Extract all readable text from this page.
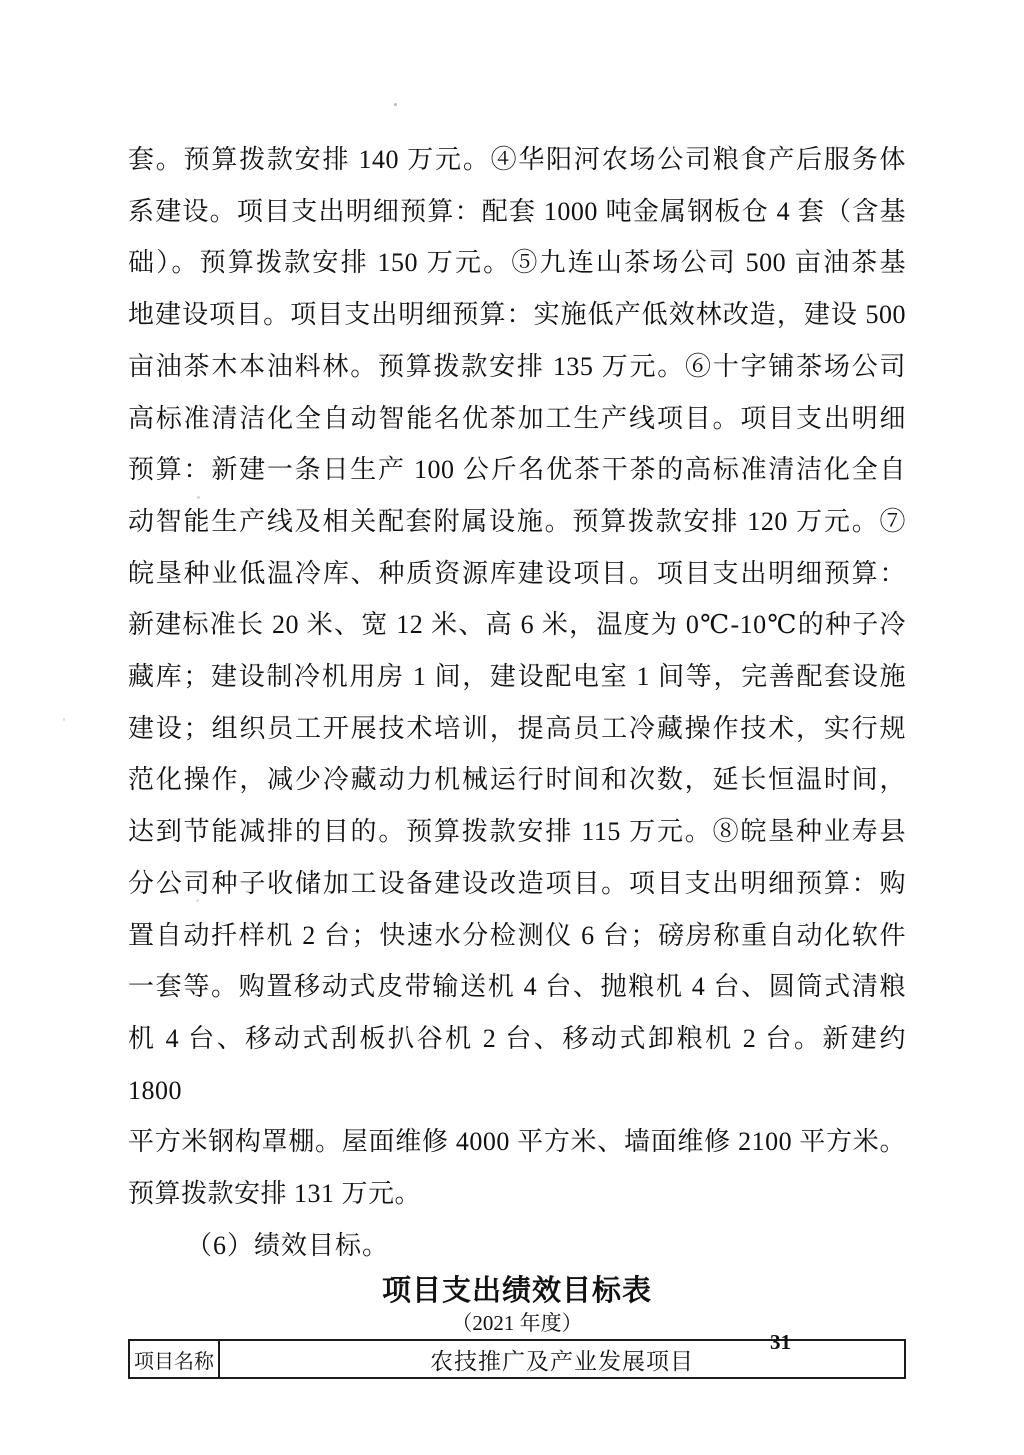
套。预算拨款安排 140 万元。④华阳河农场公司粮食产后服务体
系建设。项目支出明细预算：配套 1000 吨金属钢板仓 4 套（含基
础）。预算拨款安排 150 万元。⑤九连山茶场公司 500 亩油茶基
地建设项目。项目支出明细预算：实施低产低效林改造，建设 500
亩油茶木本油料林。预算拨款安排 135 万元。⑥十字铺茶场公司
高标准清洁化全自动智能名优茶加工生产线项目。项目支出明细
预算：新建一条日生产 100 公斤名优茶干茶的高标准清洁化全自
动智能生产线及相关配套附属设施。预算拨款安排 120 万元。⑦
皖垦种业低温冷库、种质资源库建设项目。项目支出明细预算：
新建标准长 20 米、宽 12 米、高 6 米，温度为 0℃-10℃的种子冷
藏库；建设制冷机用房 1 间，建设配电室 1 间等，完善配套设施
建设；组织员工开展技术培训，提高员工冷藏操作技术，实行规
范化操作，减少冷藏动力机械运行时间和次数，延长恒温时间，
达到节能减排的目的。预算拨款安排 115 万元。⑧皖垦种业寿县
分公司种子收储加工设备建设改造项目。项目支出明细预算：购
置自动扦样机 2 台；快速水分检测仪 6 台；磅房称重自动化软件
一套等。购置移动式皮带输送机 4 台、抛粮机 4 台、圆筒式清粮
机 4 台、移动式刮板扒谷机 2 台、移动式卸粮机 2 台。新建约 1800
平方米钢构罩棚。屋面维修 4000 平方米、墙面维修 2100 平方米。
预算拨款安排 131 万元。
（6）绩效目标。
项目支出绩效目标表
（2021 年度）
项目名称	农技推广及产业发展项目
31
